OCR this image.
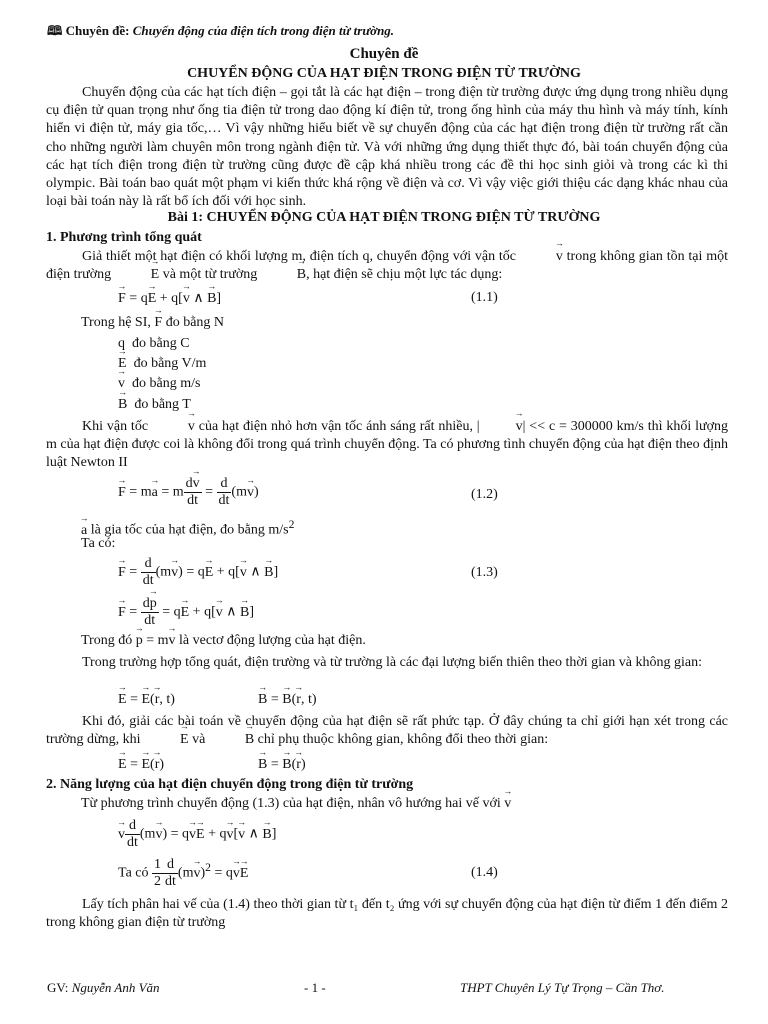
🕮 Chuyên đề: Chuyển động của điện tích trong điện từ trường.
Chuyên đề
CHUYỂN ĐỘNG CỦA HẠT ĐIỆN TRONG ĐIỆN TỪ TRƯỜNG
Chuyển động của các hạt tích điện – gọi tắt là các hạt điện – trong điện từ trường được ứng dụng trong nhiều dụng cụ điện tử quan trọng như ống tia điện tử trong dao động kí điện tử, trong ống hình của máy thu hình và máy tính, kính hiển vi điện tử, máy gia tốc,… Vì vậy những hiểu biết về sự chuyển động của các hạt điện trong điện từ trường rất cần cho những người làm chuyên môn trong ngành điện tử. Và với những ứng dụng thiết thực đó, bài toán chuyển động của các hạt tích điện trong điện từ trường cũng được đề cập khá nhiều trong các đề thi học sinh giỏi và trong các kì thi olympic. Bài toán bao quát một phạm vi kiến thức khá rộng về điện và cơ. Vì vậy việc giới thiệu các dạng khác nhau của loại bài toán này là rất bổ ích đối với học sinh.
Bài 1: CHUYỂN ĐỘNG CỦA HẠT ĐIỆN TRONG ĐIỆN TỪ TRƯỜNG
1. Phương trình tổng quát
Giả thiết một hạt điện có khối lượng m, điện tích q, chuyển động với vận tốc	→ v trong không gian tồn tại một điện trường	→ E và một từ trường	→ B, hạt điện sẽ chịu một lực tác dụng:
→ F = q→ E + q[→ v ∧ → B]	(1.1)
Trong hệ SI, → F đo bằng N
q  đo bằng C
→ E đo bằng V/m
→ v đo bằng m/s
→ B đo bằng T
Khi vận tốc	→ v của hạt điện nhỏ hơn vận tốc ánh sáng rất nhiều, |	→ v| << c = 300000 km/s thì khối lượng m của hạt điện được coi là không đổi trong quá trình chuyển động. Ta có phương tình chuyển động của hạt điện theo định luật Newton II
→ F = m→ a = m $\frac{d\to v}{dt} = \frac{d}{dt} (m\to v)$	(1.2)
→ a là gia tốc của hạt điện, đo bằng $m/s^2$
Ta có:
→ $F = \frac{d}{dt} (m\to v) = q\to E + q[\to v$ ∧ → B]	(1.3)
→ $F = \frac{d\to p}{dt} = q\to E + q[\to v$ ∧ → B]
Trong đó → p = m→ v là vectơ động lượng của hạt điện.
Trong trường hợp tổng quát, điện trường và từ trường là các đại lượng biến thiên theo thời gian và không gian:
→ E = → E(→ r, t)	→ B = → B(→ r, t)
Khi đó, giải các bài toán về chuyển động của hạt điện sẽ rất phức tạp. Ở đây chúng ta chỉ giới hạn xét trong các trường dừng, khi	→ E và	→ B chỉ phụ thuộc không gian, không đổi theo thời gian:
→ E = → E(→ r)	→ B = → B(→ r)
2. Năng lượng của hạt điện chuyển động trong điện từ trường
Từ phương trình chuyển động (1.3) của hạt điện, nhân vô hướng hai vế với → v
→ v $\frac{d}{dt} (m\to v) = q\to v\to E + q\to v[\to v$ ∧ → B]
Ta có $\frac{1}{2} \frac{d}{dt} (m\to v)^2 = q\to v\to E$	(1.4)
Lấy tích phân hai vế của (1.4) theo thời gian từ t₁ đến t₂ ứng với sự chuyển động của hạt điện từ điểm 1 đến điểm 2 trong không gian điện từ trường
GV: Nguyễn Anh Văn	- 1 -	THPT Chuyên Lý Tự Trọng – Cần Thơ.
